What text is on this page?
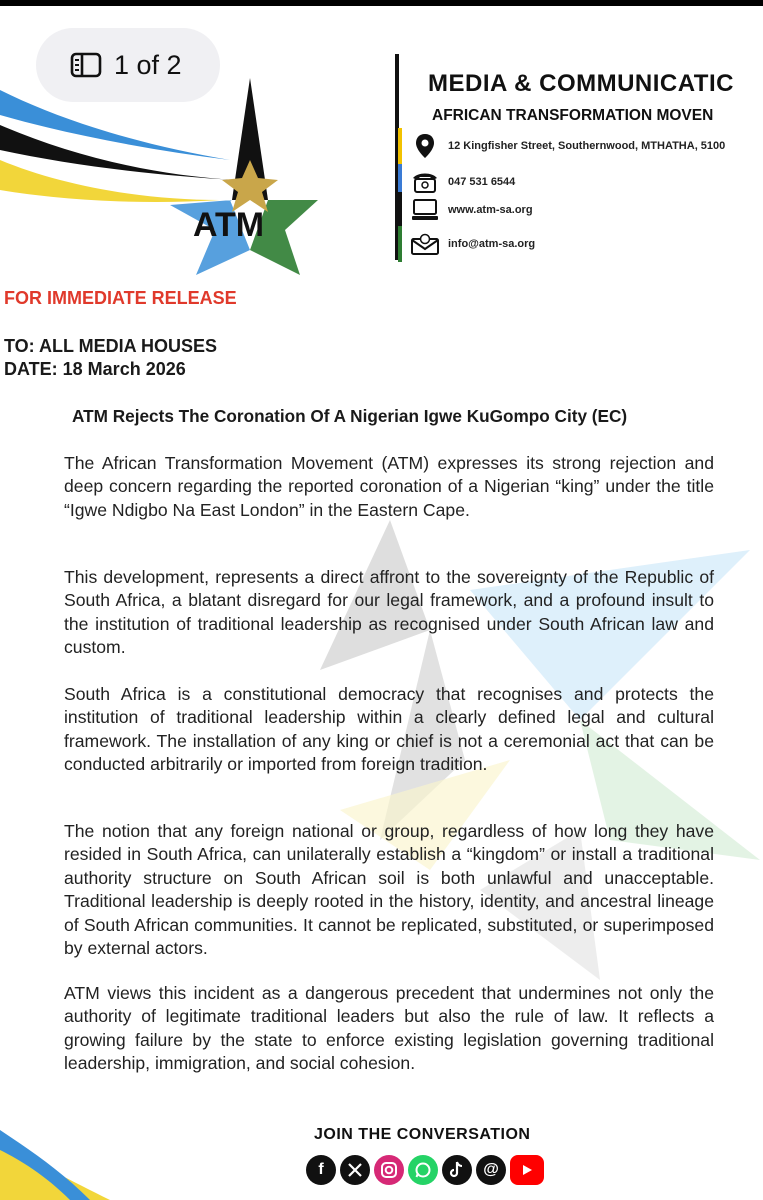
1 of 2
ATM
MEDIA & COMMUNICATIC
AFRICAN TRANSFORMATION MOVEN
12 Kingfisher Street, Southernwood, MTHATHA, 5100
047 531 6544
www.atm-sa.org
info@atm-sa.org
FOR IMMEDIATE RELEASE
TO: ALL MEDIA HOUSES
DATE: 18 March 2026
ATM Rejects The Coronation Of A Nigerian Igwe KuGompo City (EC)
The African Transformation Movement (ATM) expresses its strong rejection and deep concern regarding the reported coronation of a Nigerian “king” under the title “Igwe Ndigbo Na East London” in the Eastern Cape.
This development, represents a direct affront to the sovereignty of the Republic of South Africa, a blatant disregard for our legal framework, and a profound insult to the institution of traditional leadership as recognised under South African law and custom.
South Africa is a constitutional democracy that recognises and protects the institution of traditional leadership within a clearly defined legal and cultural framework. The installation of any king or chief is not a ceremonial act that can be conducted arbitrarily or imported from foreign tradition.
The notion that any foreign national or group, regardless of how long they have resided in South Africa, can unilaterally establish a “kingdom” or install a traditional authority structure on South African soil is both unlawful and unacceptable. Traditional leadership is deeply rooted in the history, identity, and ancestral lineage of South African communities. It cannot be replicated, substituted, or superimposed by external actors.
ATM views this incident as a dangerous precedent that undermines not only the authority of legitimate traditional leaders but also the rule of law. It reflects a growing failure by the state to enforce existing legislation governing traditional leadership, immigration, and social cohesion.
JOIN THE CONVERSATION
f	@
